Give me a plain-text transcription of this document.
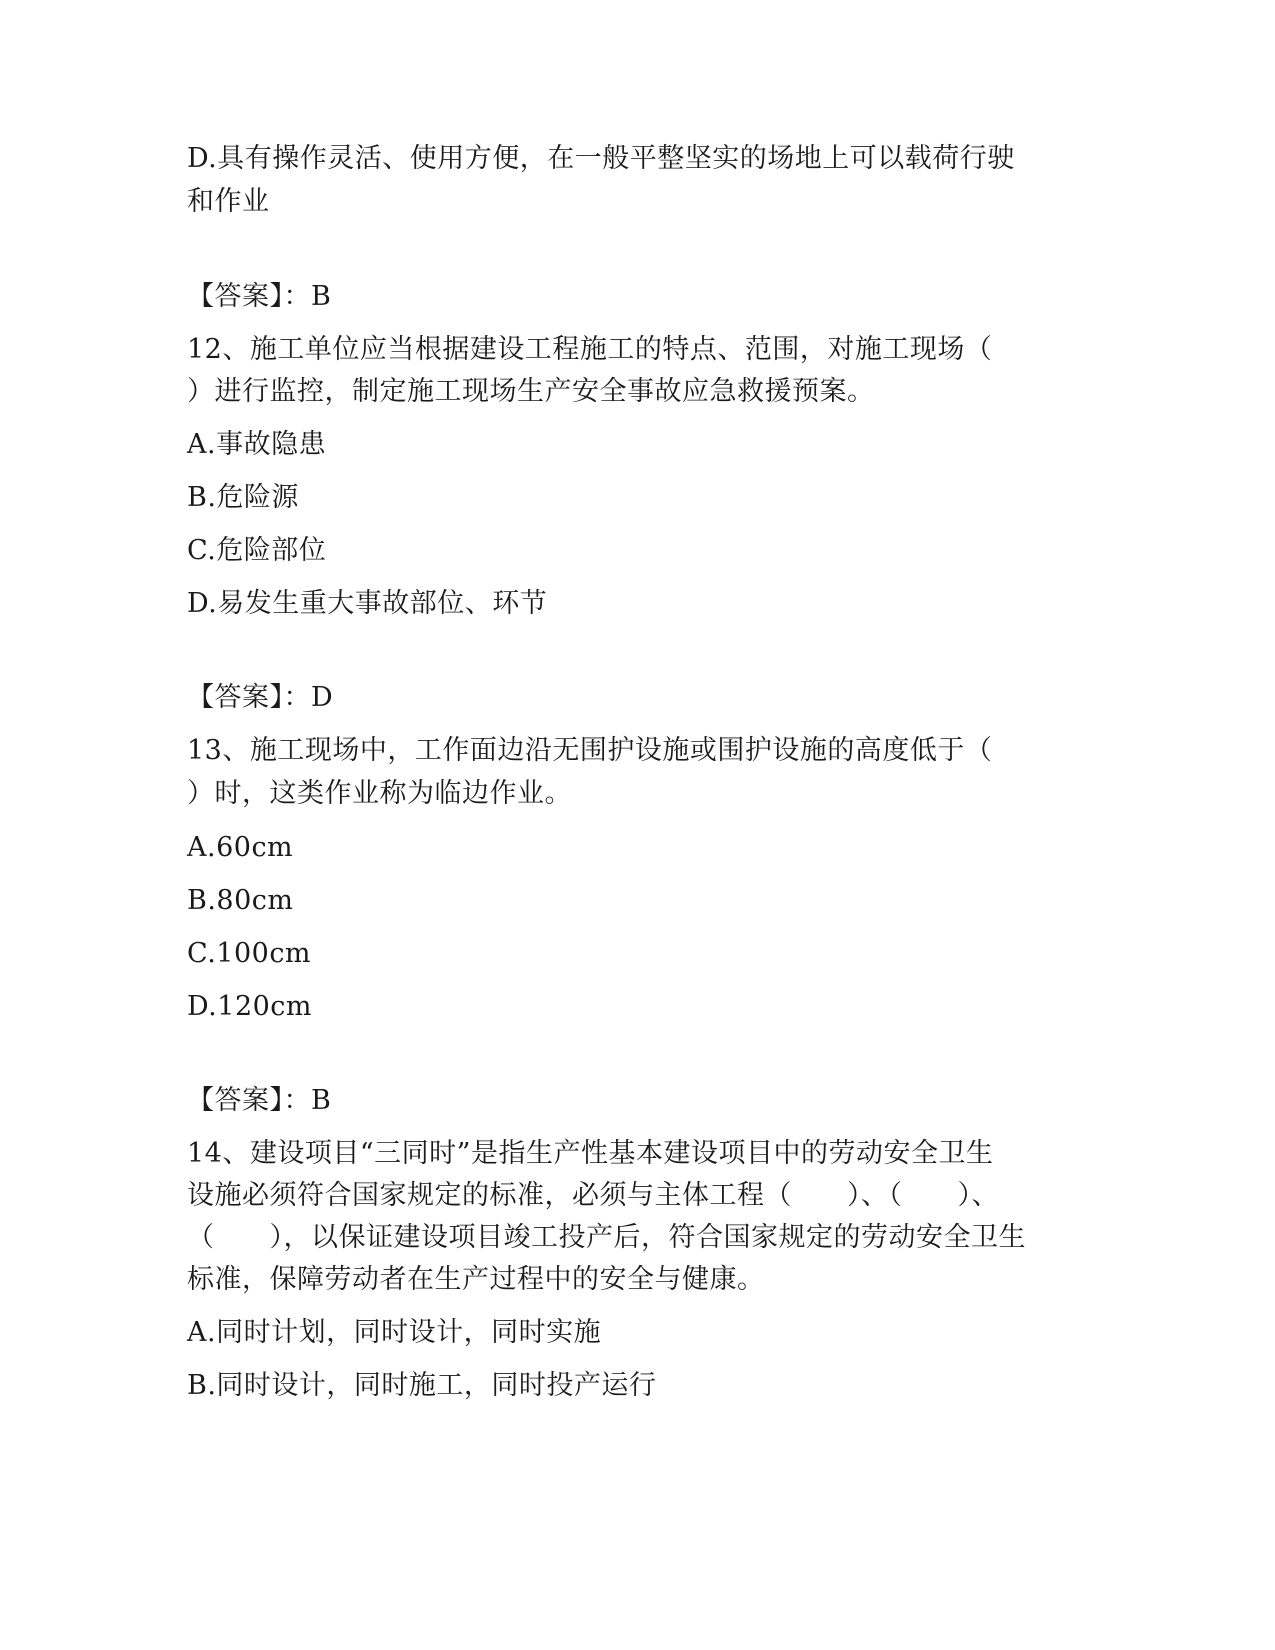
D.具有操作灵活、使用方便，在一般平整坚实的场地上可以载荷行驶
和作业
【答案】：B
12、施工单位应当根据建设工程施工的特点、范围，对施工现场（
）进行监控，制定施工现场生产安全事故应急救援预案。
A.事故隐患
B.危险源
C.危险部位
D.易发生重大事故部位、环节
【答案】：D
13、施工现场中，工作面边沿无围护设施或围护设施的高度低于（
）时，这类作业称为临边作业。
A.60cm
B.80cm
C.100cm
D.120cm
【答案】：B
14、建设项目“三同时”是指生产性基本建设项目中的劳动安全卫生
设施必须符合国家规定的标准，必须与主体工程（　　）、（　　）、
（　　），以保证建设项目竣工投产后，符合国家规定的劳动安全卫生
标准，保障劳动者在生产过程中的安全与健康。
A.同时计划，同时设计，同时实施
B.同时设计，同时施工，同时投产运行
